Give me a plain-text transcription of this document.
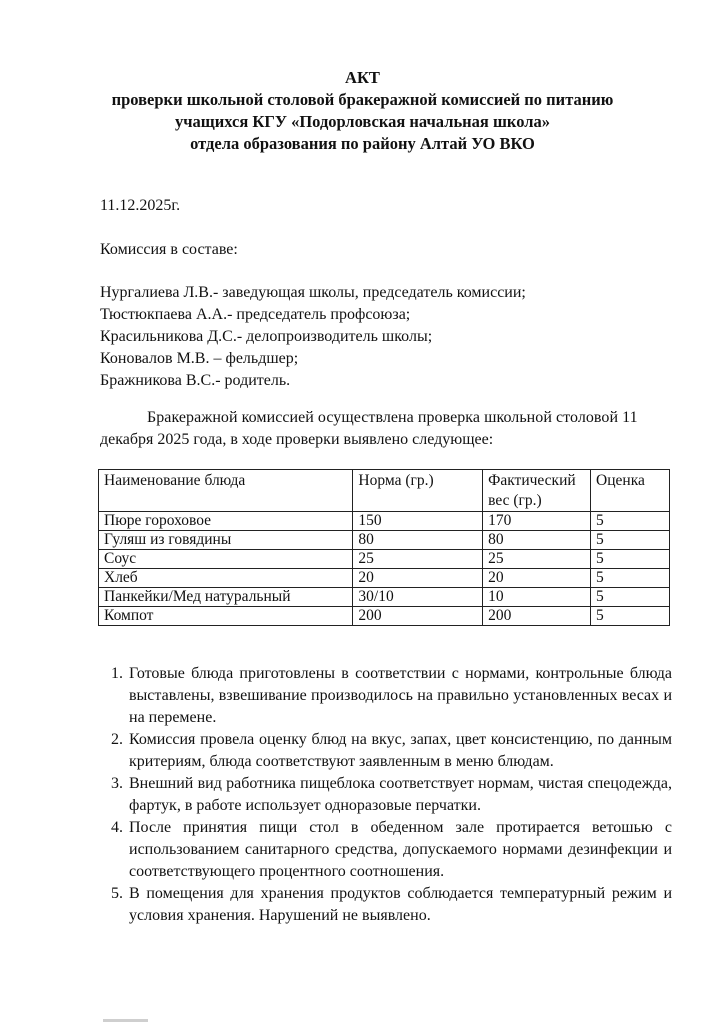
АКТ
проверки школьной столовой бракеражной комиссией по питанию
учащихся КГУ «Подорловская начальная школа»
отдела образования по району Алтай УО ВКО
11.12.2025г.
Комиссия в составе:
Нургалиева Л.В.- заведующая школы, председатель комиссии;
Тюстюкпаева А.А.- председатель профсоюза;
Красильникова Д.С.- делопроизводитель школы;
Коновалов М.В. – фельдшер;
Бражникова В.С.- родитель.
Бракеражной комиссией осуществлена проверка школьной столовой 11
декабря 2025 года, в ходе проверки выявлено следующее:
Наименование блюда	Норма (гр.)	Фактический вес (гр.)	Оценка
Пюре гороховое	150	170	5
Гуляш из говядины	80	80	5
Соус	25	25	5
Хлеб	20	20	5
Панкейки/Мед натуральный	30/10	10	5
Компот	200	200	5
1. Готовые блюда приготовлены в соответствии с нормами, контрольные блюда выставлены, взвешивание производилось на правильно установленных весах и на перемене.
2. Комиссия провела оценку блюд на вкус, запах, цвет консистенцию, по данным критериям, блюда соответствуют заявленным в меню блюдам.
3. Внешний вид работника пищеблока соответствует нормам, чистая спецодежда, фартук, в работе использует одноразовые перчатки.
4. После принятия пищи стол в обеденном зале протирается ветошью с использованием санитарного средства, допускаемого нормами дезинфекции и соответствующего процентного соотношения.
5. В помещения для хранения продуктов соблюдается температурный режим и условия хранения. Нарушений не выявлено.
